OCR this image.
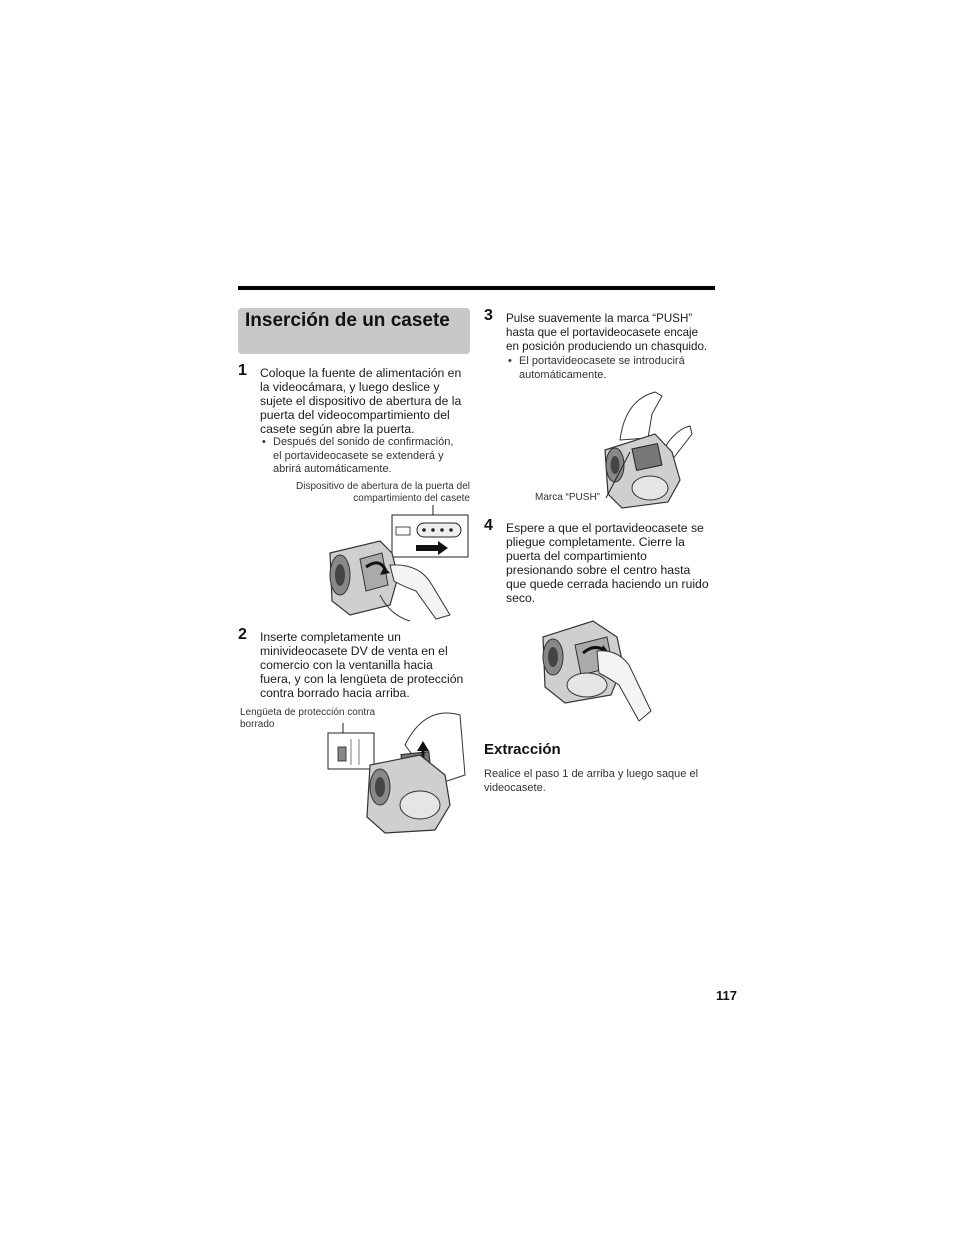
Inserción de un casete
1 Coloque la fuente de alimentación en
la videocámara, y luego deslice y
sujete el dispositivo de abertura de la
puerta del videocompartimiento del
casete según abre la puerta.
• Después del sonido de confirmación,
el portavideocasete se extenderá y
abrirá automáticamente.
Dispositivo de abertura de la puerta del
compartimiento del casete
2 Inserte completamente un
minivideocasete DV de venta en el
comercio con la ventanilla hacia
fuera, y con la lengüeta de protección
contra borrado hacia arriba.
Lengüeta de protección contra
borrado
3 Pulse suavemente la marca “PUSH”
hasta que el portavideocasete encaje
en posición produciendo un chasquido.
• El portavideocasete se introducirá
automáticamente.
Marca “PUSH”
4 Espere a que el portavideocasete se
pliegue completamente. Cierre la
puerta del compartimiento
presionando sobre el centro hasta
que quede cerrada haciendo un ruido
seco.
Extracción
Realice el paso 1 de arriba y luego saque el
videocasete.
117
